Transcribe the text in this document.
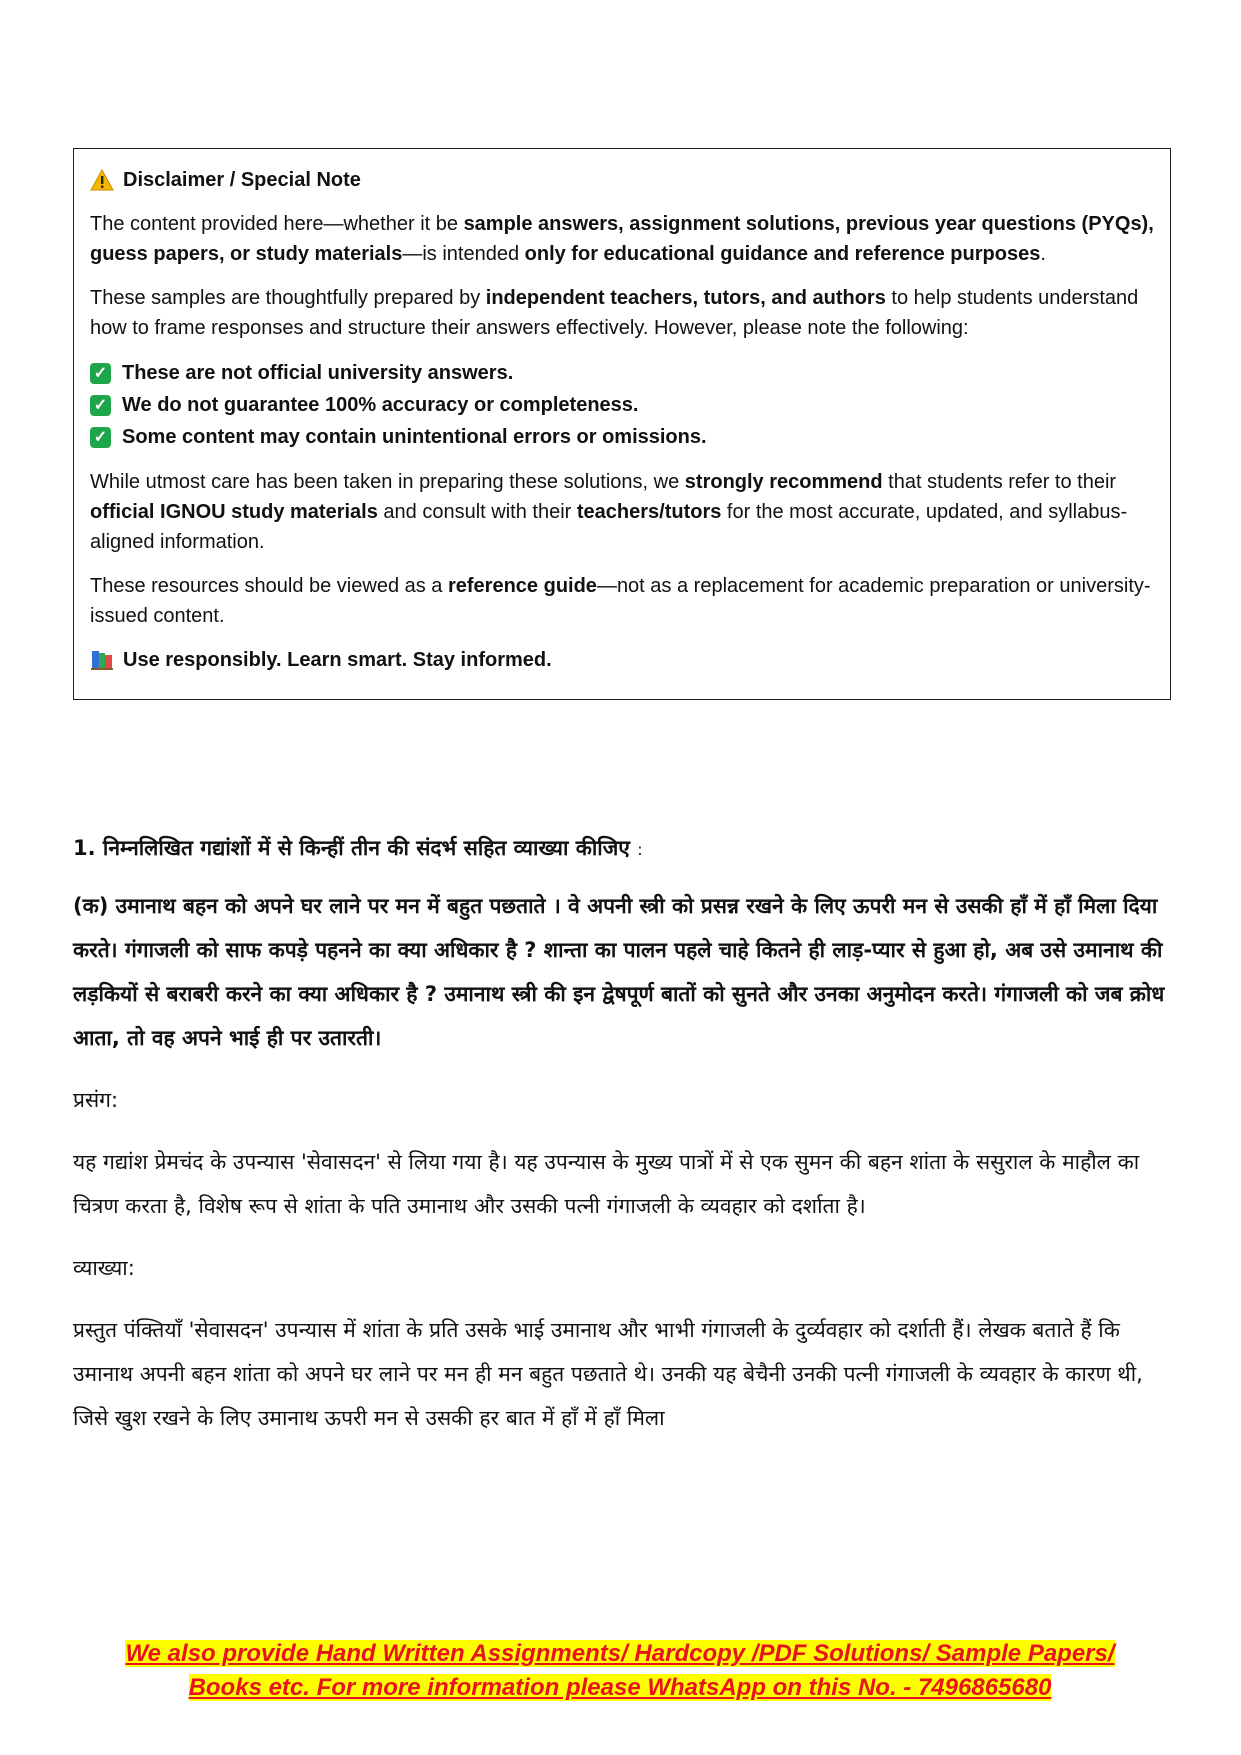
Disclaimer / Special Note

The content provided here—whether it be sample answers, assignment solutions, previous year questions (PYQs), guess papers, or study materials—is intended only for educational guidance and reference purposes.

These samples are thoughtfully prepared by independent teachers, tutors, and authors to help students understand how to frame responses and structure their answers effectively. However, please note the following:

✓ These are not official university answers.
✓ We do not guarantee 100% accuracy or completeness.
✓ Some content may contain unintentional errors or omissions.

While utmost care has been taken in preparing these solutions, we strongly recommend that students refer to their official IGNOU study materials and consult with their teachers/tutors for the most accurate, updated, and syllabus-aligned information.

These resources should be viewed as a reference guide—not as a replacement for academic preparation or university-issued content.

Use responsibly. Learn smart. Stay informed.

1. निम्नलिखित गद्यांशों में से किन्हीं तीन की संदर्भ सहित व्याख्या कीजिए :

(क) उमानाथ बहन को अपने घर लाने पर मन में बहुत पछताते । वे अपनी स्त्री को प्रसन्न रखने के लिए ऊपरी मन से उसकी हाँ में हाँ मिला दिया करते। गंगाजली को साफ कपड़े पहनने का क्या अधिकार है ? शान्ता का पालन पहले चाहे कितने ही लाड़-प्यार से हुआ हो, अब उसे उमानाथ की लड़कियों से बराबरी करने का क्या अधिकार है ? उमानाथ स्त्री की इन द्वेषपूर्ण बातों को सुनते और उनका अनुमोदन करते। गंगाजली को जब क्रोध आता, तो वह अपने भाई ही पर उतारती।

प्रसंग:

यह गद्यांश प्रेमचंद के उपन्यास 'सेवासदन' से लिया गया है। यह उपन्यास के मुख्य पात्रों में से एक सुमन की बहन शांता के ससुराल के माहौल का चित्रण करता है, विशेष रूप से शांता के पति उमानाथ और उसकी पत्नी गंगाजली के व्यवहार को दर्शाता है।

व्याख्या:

प्रस्तुत पंक्तियाँ 'सेवासदन' उपन्यास में शांता के प्रति उसके भाई उमानाथ और भाभी गंगाजली के दुर्व्यवहार को दर्शाती हैं। लेखक बताते हैं कि उमानाथ अपनी बहन शांता को अपने घर लाने पर मन ही मन बहुत पछताते थे। उनकी यह बेचैनी उनकी पत्नी गंगाजली के व्यवहार के कारण थी, जिसे खुश रखने के लिए उमानाथ ऊपरी मन से उसकी हर बात में हाँ में हाँ मिला

We also provide Hand Written Assignments/ Hardcopy /PDF Solutions/ Sample Papers/
Books etc. For more information please WhatsApp on this No. - 7496865680
